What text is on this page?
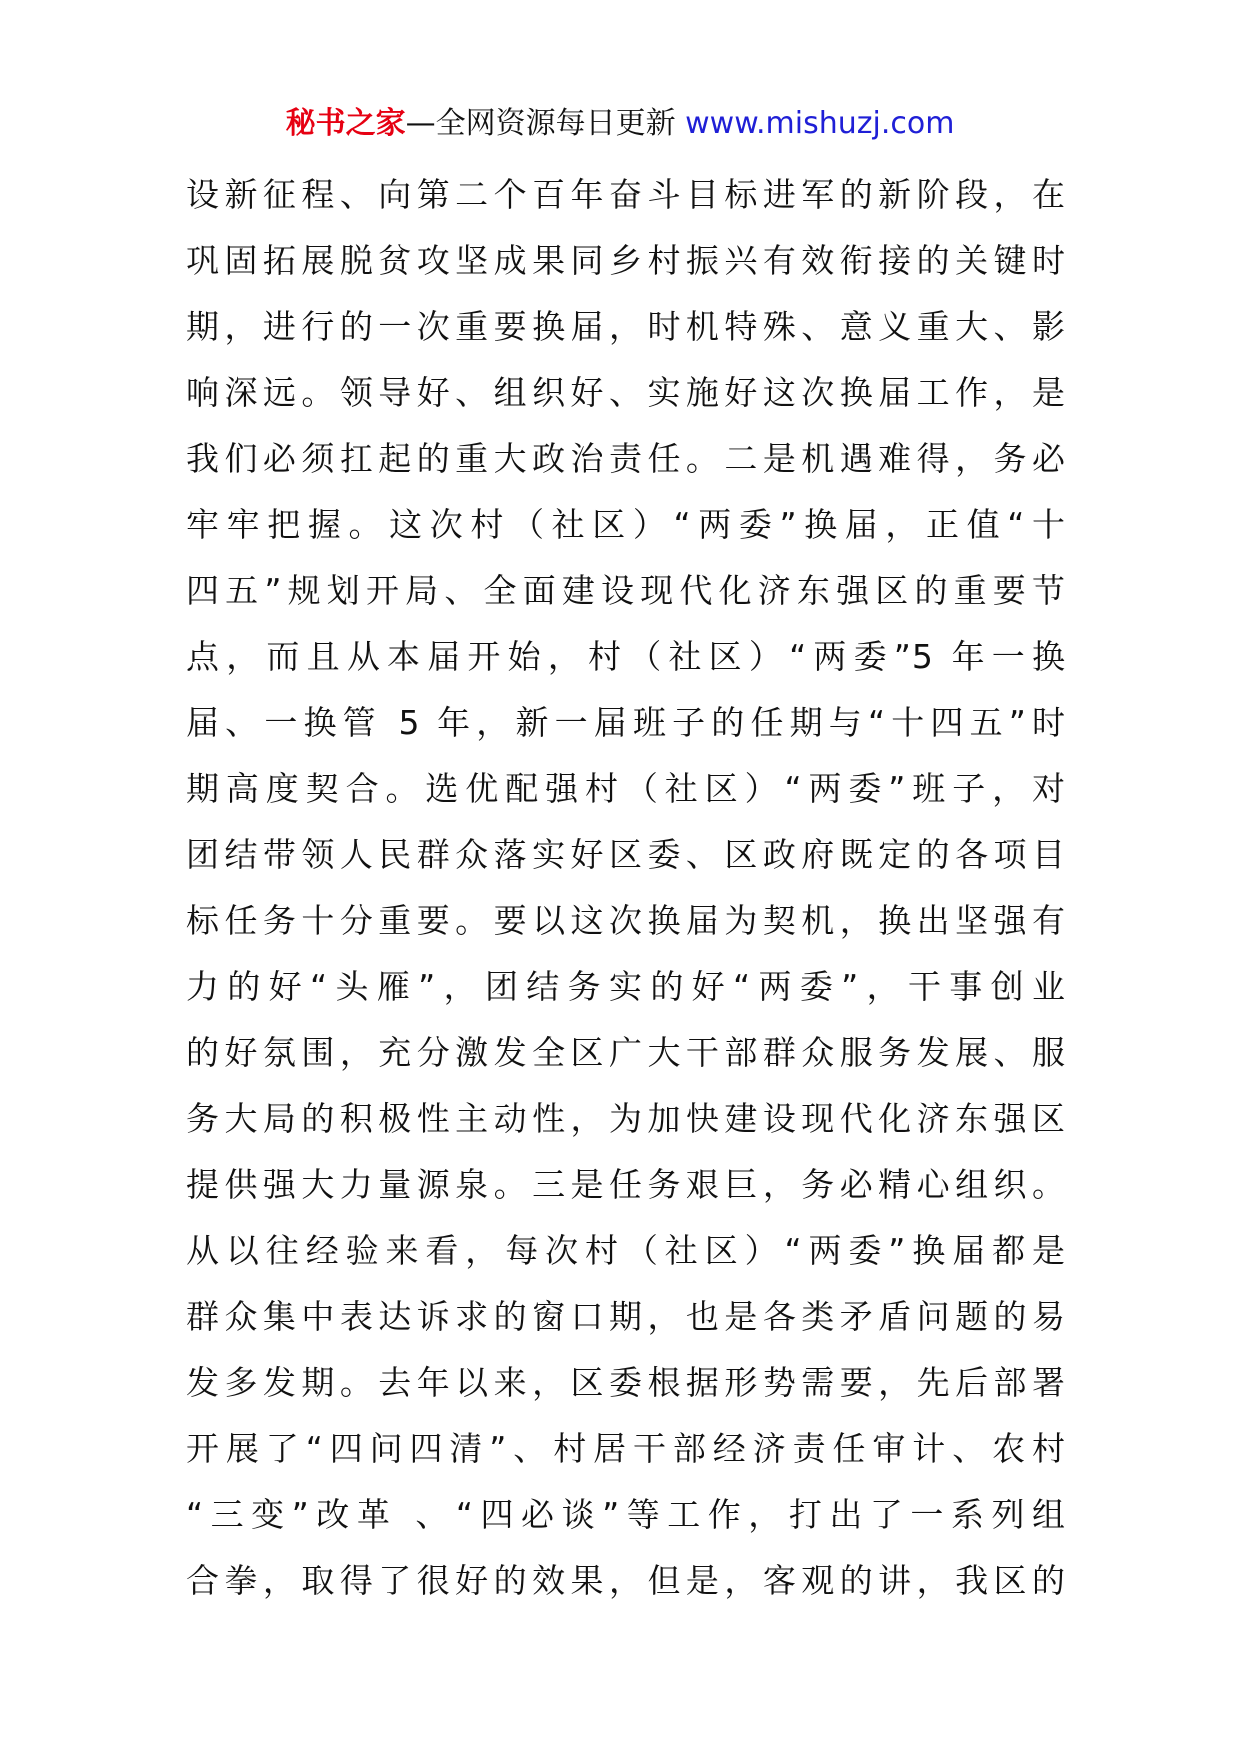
秘书之家—全网资源每日更新 www.mishuzj.com
设新征程、向第二个百年奋斗目标进军的新阶段，在
巩固拓展脱贫攻坚成果同乡村振兴有效衔接的关键时
期，进行的一次重要换届，时机特殊、意义重大、影
响深远。领导好、组织好、实施好这次换届工作，是
我们必须扛起的重大政治责任。二是机遇难得，务必
牢牢把握。这次村（社区）“两委”换届，正值“十
四五”规划开局、全面建设现代化济东强区的重要节
点，而且从本届开始，村（社区）“两委”5 年一换
届、一换管 5 年，新一届班子的任期与“十四五”时
期高度契合。选优配强村（社区）“两委”班子，对
团结带领人民群众落实好区委、区政府既定的各项目
标任务十分重要。要以这次换届为契机，换出坚强有
力的好“头雁”，团结务实的好“两委”，干事创业
的好氛围，充分激发全区广大干部群众服务发展、服
务大局的积极性主动性，为加快建设现代化济东强区
提供强大力量源泉。三是任务艰巨，务必精心组织。
从以往经验来看，每次村（社区）“两委”换届都是
群众集中表达诉求的窗口期，也是各类矛盾问题的易
发多发期。去年以来，区委根据形势需要，先后部署
开展了“四问四清”、村居干部经济责任审计、农村
“三变”改革 、“四必谈”等工作，打出了一系列组
合拳，取得了很好的效果，但是，客观的讲，我区的
